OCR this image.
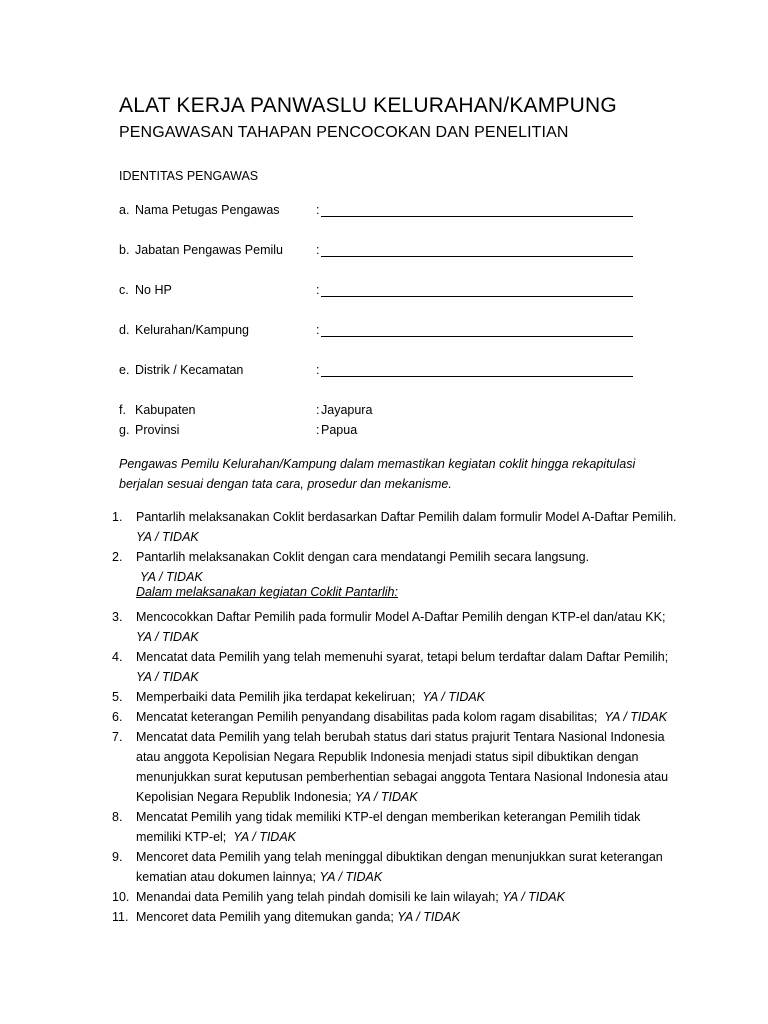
ALAT KERJA PANWASLU KELURAHAN/KAMPUNG
PENGAWASAN TAHAPAN PENCOCOKAN DAN PENELITIAN
IDENTITAS PENGAWAS
a. Nama Petugas Pengawas	:
b. Jabatan Pengawas Pemilu	:
c. No HP	:
d. Kelurahan/Kampung	:
e. Distrik / Kecamatan	:
f. Kabupaten	: Jayapura
g. Provinsi	: Papua
Pengawas Pemilu Kelurahan/Kampung dalam memastikan kegiatan coklit hingga rekapitulasi berjalan sesuai dengan tata cara, prosedur dan mekanisme.
1. Pantarlih melaksanakan Coklit berdasarkan Daftar Pemilih dalam formulir Model A-Daftar Pemilih.  YA / TIDAK
2. Pantarlih melaksanakan Coklit dengan cara mendatangi Pemilih secara langsung.
YA / TIDAK
Dalam melaksanakan kegiatan Coklit Pantarlih:
3. Mencocokkan Daftar Pemilih pada formulir Model A-Daftar Pemilih dengan KTP-el dan/atau KK;
YA / TIDAK
4. Mencatat data Pemilih yang telah memenuhi syarat, tetapi belum terdaftar dalam Daftar Pemilih; YA / TIDAK
5. Memperbaiki data Pemilih jika terdapat kekeliruan; YA / TIDAK
6. Mencatat keterangan Pemilih penyandang disabilitas pada kolom ragam disabilitas; YA / TIDAK
7. Mencatat data Pemilih yang telah berubah status dari status prajurit Tentara Nasional Indonesia atau anggota Kepolisian Negara Republik Indonesia menjadi status sipil dibuktikan dengan menunjukkan surat keputusan pemberhentian sebagai anggota Tentara Nasional Indonesia atau Kepolisian Negara Republik Indonesia; YA / TIDAK
8. Mencatat Pemilih yang tidak memiliki KTP-el dengan memberikan keterangan Pemilih tidak memiliki KTP-el; YA / TIDAK
9. Mencoret data Pemilih yang telah meninggal dibuktikan dengan menunjukkan surat keterangan kematian atau dokumen lainnya; YA / TIDAK
10. Menandai data Pemilih yang telah pindah domisili ke lain wilayah; YA / TIDAK
11. Mencoret data Pemilih yang ditemukan ganda; YA / TIDAK
